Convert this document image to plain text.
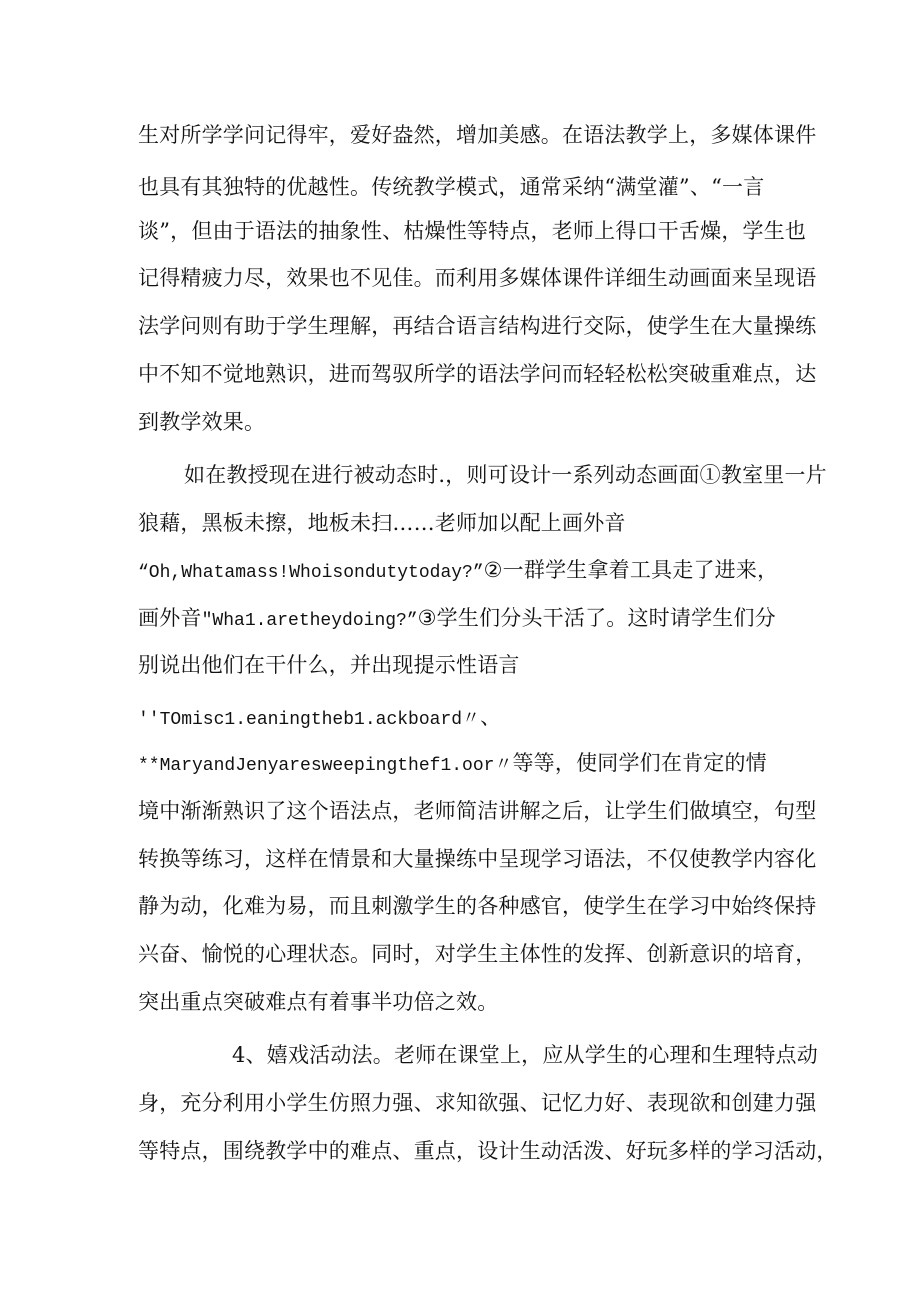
生对所学学问记得牢，爱好盎然，增加美感。在语法教学上，多媒体课件

也具有其独特的优越性。传统教学模式，通常采纳“满堂灌”、“一言

谈”，但由于语法的抽象性、枯燥性等特点，老师上得口干舌燥，学生也

记得精疲力尽，效果也不见佳。而利用多媒体课件详细生动画面来呈现语

法学问则有助于学生理解，再结合语言结构进行交际，使学生在大量操练

中不知不觉地熟识，进而驾驭所学的语法学问而轻轻松松突破重难点，达

到教学效果。

如在教授现在进行被动态时.，则可设计一系列动态画面①教室里一片

狼藉，黑板未擦，地板未扫……老师加以配上画外音

“Oh,Whatamass!Whoisondutytoday?”②一群学生拿着工具走了进来，

画外音"Wha1.aretheydoing?”③学生们分头干活了。这时请学生们分

别说出他们在干什么，并出现提示性语言

''TOmisc1.eaningtheb1.ackboard〃、

**MaryandJenyaresweepingthef1.oor〃等等，使同学们在肯定的情

境中渐渐熟识了这个语法点，老师简洁讲解之后，让学生们做填空，句型

转换等练习，这样在情景和大量操练中呈现学习语法，不仅使教学内容化

静为动，化难为易，而且刺激学生的各种感官，使学生在学习中始终保持

兴奋、愉悦的心理状态。同时，对学生主体性的发挥、创新意识的培育，

突出重点突破难点有着事半功倍之效。

4、嬉戏活动法。老师在课堂上，应从学生的心理和生理特点动

身，充分利用小学生仿照力强、求知欲强、记忆力好、表现欲和创建力强

等特点，围绕教学中的难点、重点，设计生动活泼、好玩多样的学习活动，
